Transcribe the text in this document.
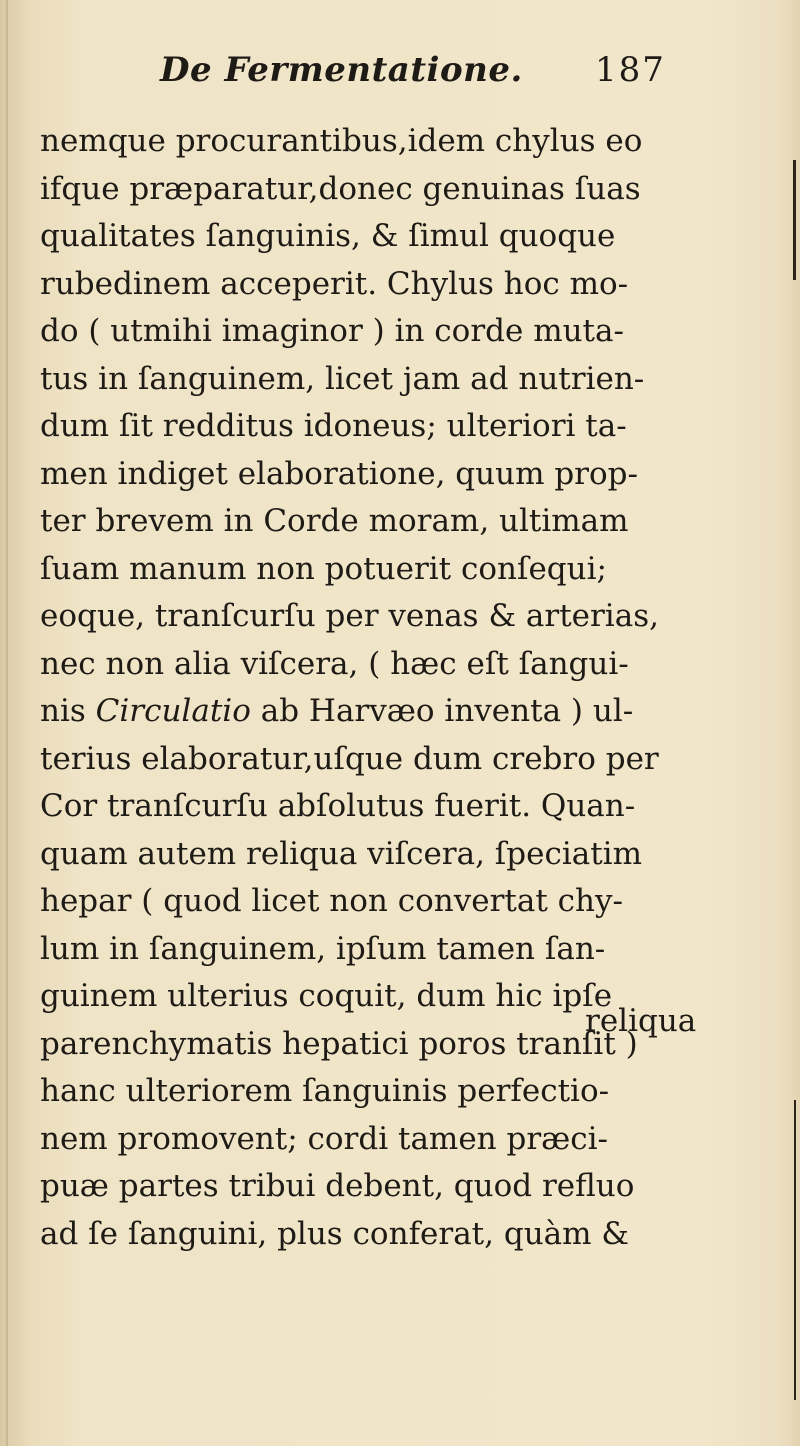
De Fermentatione. 187
nemque procurantibus,idem chylus eo
ifque præparatur,donec genuinas ſuas
qualitates ſanguinis, & ſimul quoque
rubedinem acceperit. Chylus hoc mo-
do ( utmihi imaginor ) in corde muta-
tus in ſanguinem, licet jam ad nutrien-
dum ſit redditus idoneus; ulteriori ta-
men indiget elaboratione, quum prop-
ter brevem in Corde moram, ultimam
ſuam manum non potuerit conſequi;
eoque, tranſcurſu per venas & arterias,
nec non alia viſcera, ( hæc eſt ſangui-
nis Circulatio ab Harvæo inventa ) ul-
terius elaboratur,uſque dum crebro per
Cor tranſcurſu abſolutus fuerit. Quan-
quam autem reliqua viſcera, ſpeciatim
hepar ( quod licet non convertat chy-
lum in ſanguinem, ipſum tamen ſan-
guinem ulterius coquit, dum hic ipſe
parenchymatis hepatici poros tranſit )
hanc ulteriorem ſanguinis perfectio-
nem promovent; cordi tamen præci-
puæ partes tribui debent, quod refluo
ad ſe ſanguini, plus conferat, quàm &
reliqua
